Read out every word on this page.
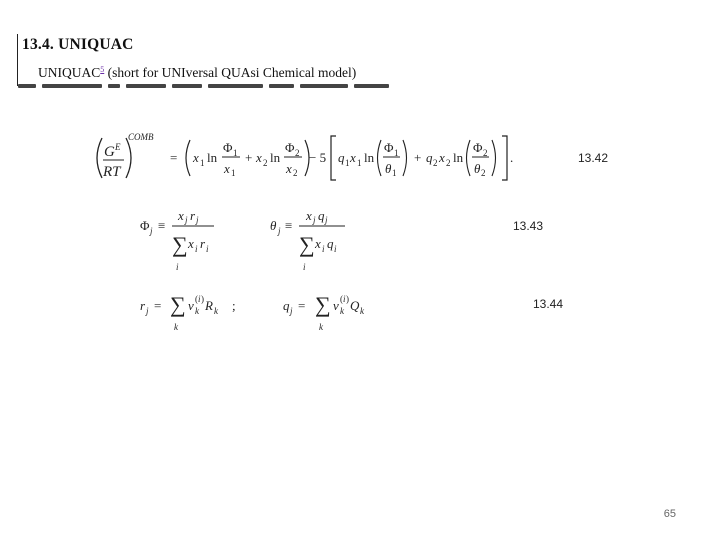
13.4. UNIQUAC
UNIQUAC$^5$ (short for UNIversal QUAsi Chemical model)
G E
RT
COMB
= x 1 ln
Φ 1
x 1
+ x 2 ln
Φ 2
x 2
− 5 q 1 x 1 ln
Φ 1
θ 1
+ q 2 x 2 ln
Φ 2
θ 2
.
Φ j ≡
x j r j
∑ x i r i
i
θ j ≡
x j q j
∑ x i q i
i
r j = ∑
k
ν ( i )
k R k ;	q j = ∑
k
ν ( i )
k Q k
13.42
13.43
13.44
65
